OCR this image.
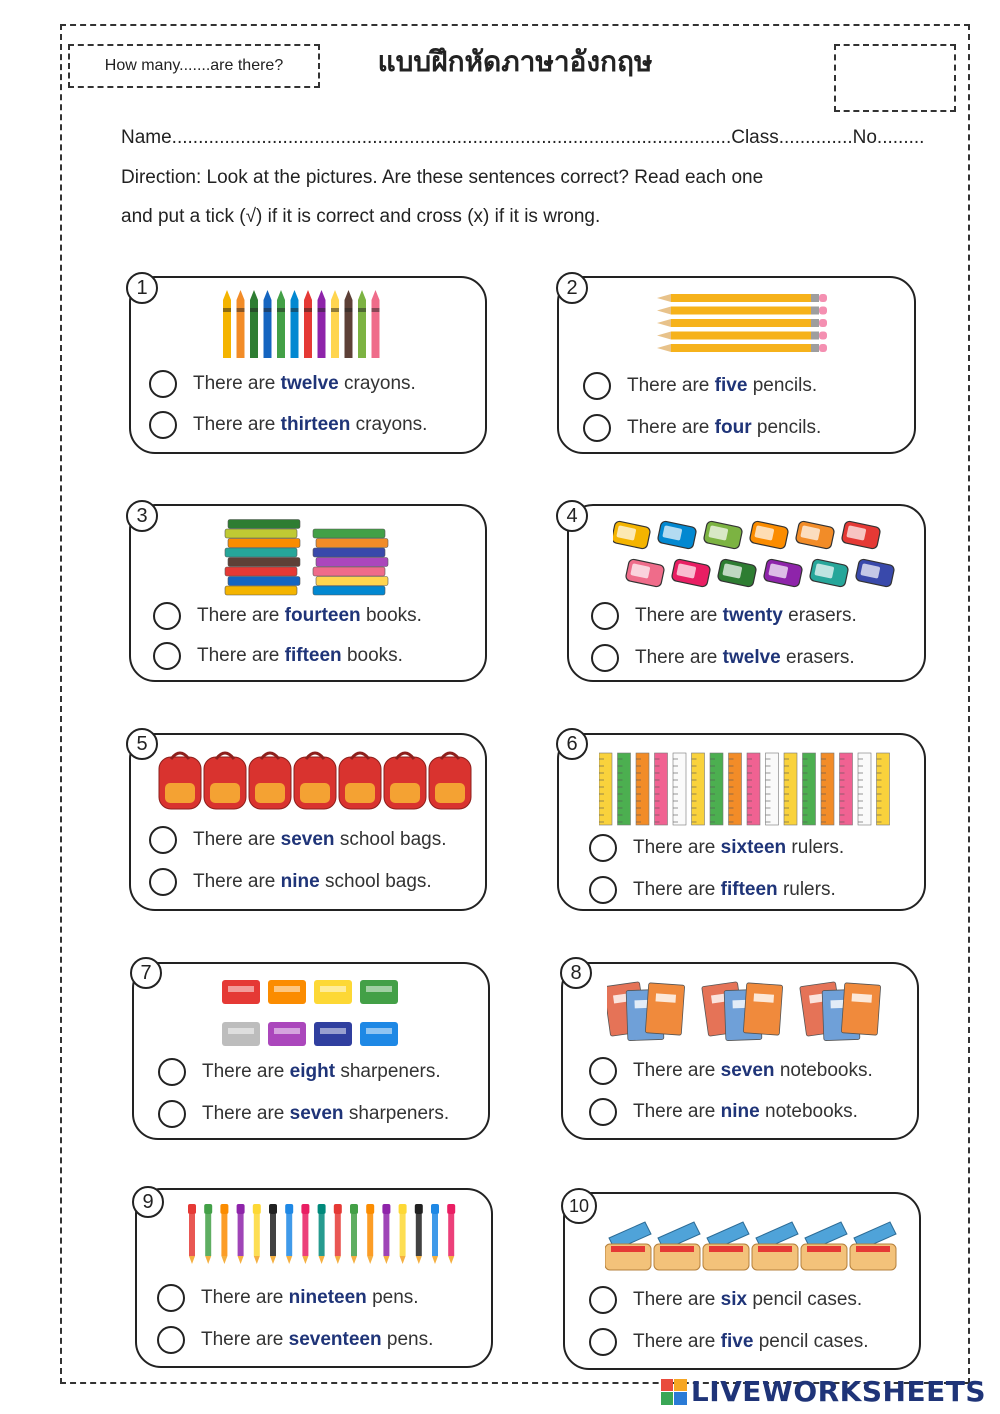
How many.......are there?	แบบฝึกหัดภาษาอังกฤษ
Name..........................................................................................................Class..............No.........
Direction: Look at the pictures. Are these sentences correct? Read each one
and put a tick (√) if it is correct and cross (x) if it is wrong.
There are twelve crayons.
There are thirteen crayons.
1
There are five pencils.
There are four pencils.
2
There are fourteen books.
There are fifteen books.
3
There are twenty erasers.
There are twelve erasers.
4
There are seven school bags.
There are nine school bags.
5
There are sixteen rulers.
There are fifteen rulers.
6
There are eight sharpeners.
There are seven sharpeners.
7
There are seven notebooks.
There are nine notebooks.
8
There are nineteen pens.
There are seventeen pens.
9
There are six pencil cases.
There are five pencil cases.
10
LIVEWORKSHEETS
